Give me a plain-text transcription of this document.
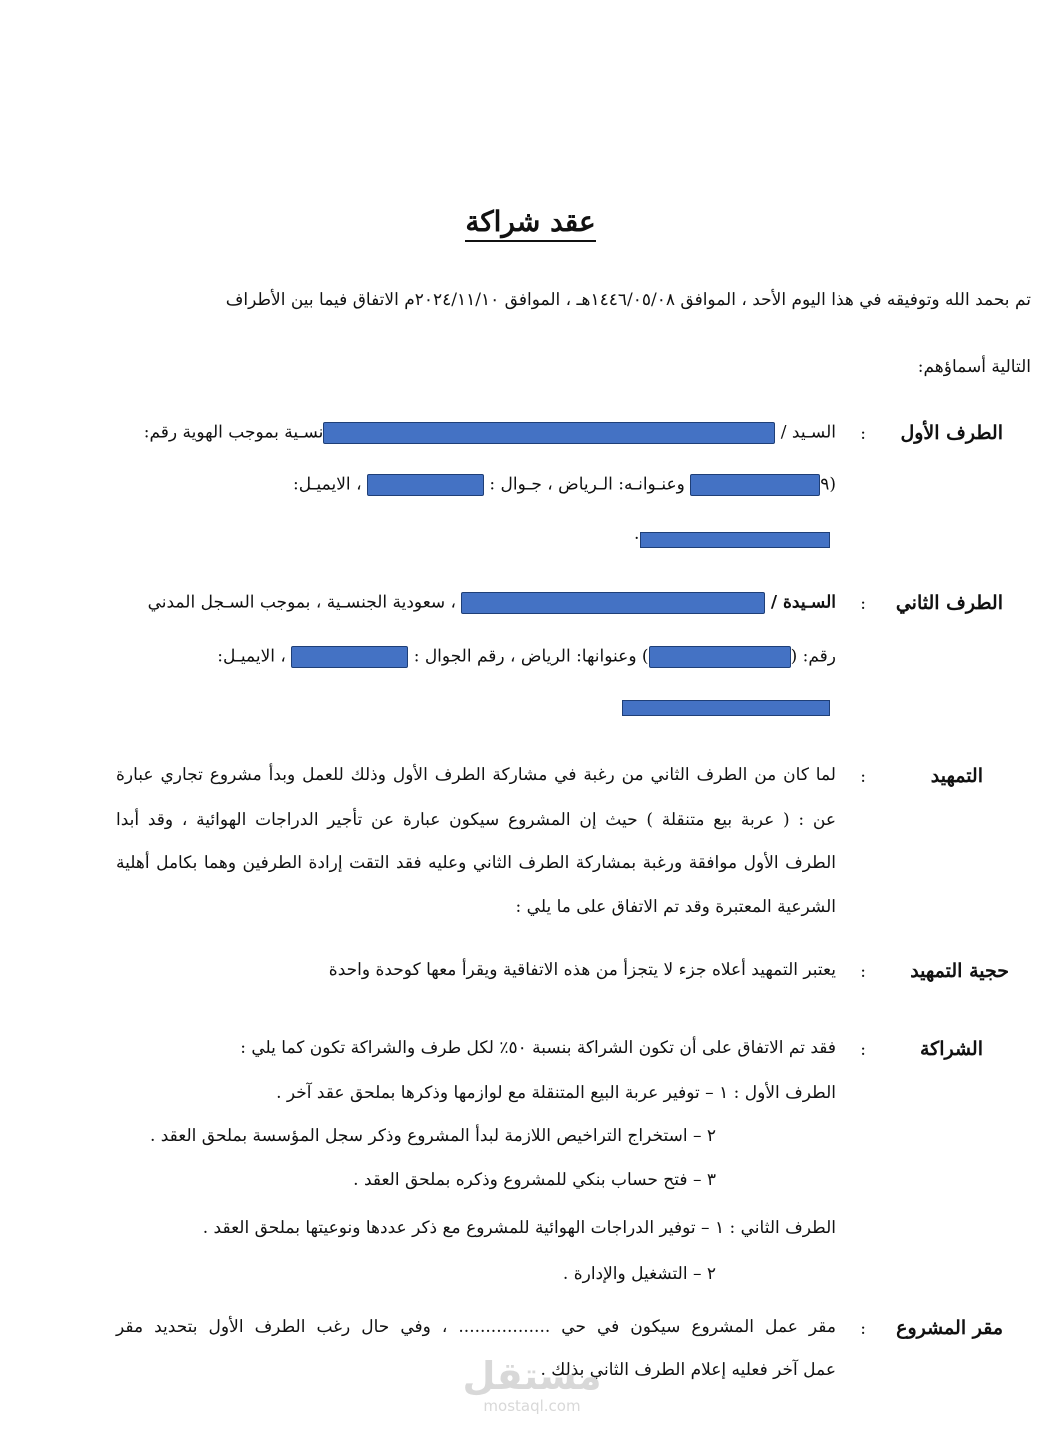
عقد شراكة
تم بحمد الله وتوفيقه في هذا اليوم الأحد ، الموافق ١٤٤٦/٠٥/٠٨هـ ، الموافق ٢٠٢٤/١١/١٠م الاتفاق فيما بين الأطراف
التالية أسماؤهم:
الطرف الأول
:
السـيد / نسـية بموجب الهوية رقم:
(٩ وعنـوانـه: الـرياض ، جـوال :  ، الايميـل:
.
الطرف الثاني
:
السـيدة /  ، سعودية الجنسـية ، بموجب السـجل المدني
رقم: () وعنوانها: الرياض ، رقم الجوال :  ، الايميـل:
التمهيد
:
لما كان من الطرف الثاني من رغبة في مشاركة الطرف الأول وذلك للعمل وبدأ مشروع تجاري عبارة
عن : ( عربة بيع متنقلة ) حيث إن المشروع سيكون عبارة عن تأجير الدراجات الهوائية ، وقد أبدا
الطرف الأول موافقة ورغبة بمشاركة الطرف الثاني وعليه فقد التقت إرادة الطرفين وهما بكامل أهلية
الشرعية المعتبرة وقد تم الاتفاق على ما يلي :
حجية التمهيد
:
يعتبر التمهيد أعلاه جزء لا يتجزأ من هذه الاتفاقية ويقرأ معها كوحدة واحدة
الشراكة
:
فقد تم الاتفاق على أن تكون الشراكة بنسبة ٥٠٪ لكل طرف والشراكة تكون كما يلي :
الطرف الأول : ١ – توفير عربة البيع المتنقلة مع لوازمها وذكرها بملحق عقد آخر .
٢ – استخراج التراخيص اللازمة لبدأ المشروع وذكر سجل المؤسسة بملحق العقد .
٣ – فتح حساب بنكي للمشروع وذكره بملحق العقد .
الطرف الثاني : ١ – توفير الدراجات الهوائية للمشروع مع ذكر عددها ونوعيتها بملحق العقد .
٢ – التشغيل والإدارة .
مقر المشروع
:
مقر عمل المشروع سيكون في حي ................. ، وفي حال رغب الطرف الأول بتحديد مقر
عمل آخر فعليه إعلام الطرف الثاني بذلك .
مستقل
mostaql.com
